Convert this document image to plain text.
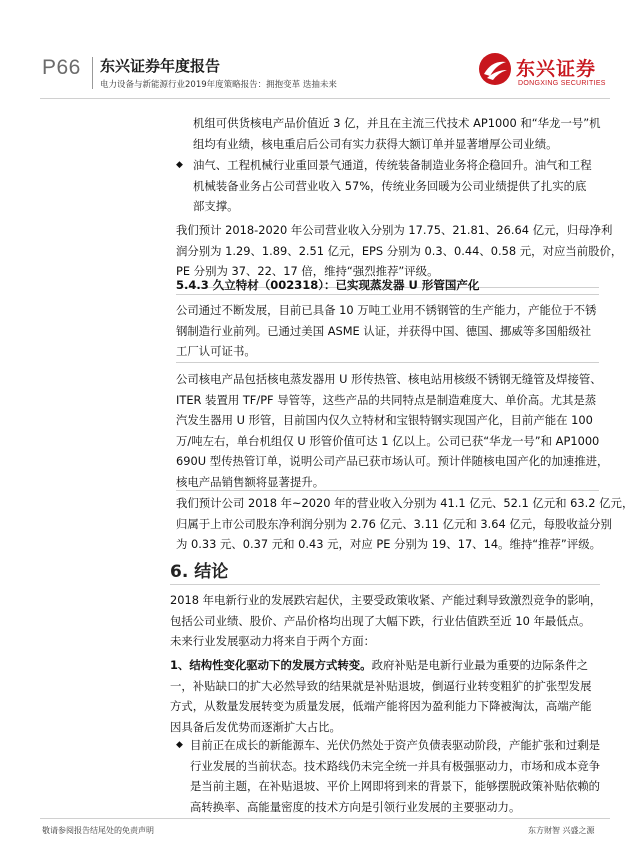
P66 东兴证券年度报告
电力设备与新能源行业2019年度策略报告：拥抱变革 迭抽未来
东兴证券
DONGXING SECURITIES
机组可供货核电产品价值近 3 亿，并且在主流三代技术 AP1000 和“华龙一号”机
组均有业绩，核电重启后公司有实力获得大额订单并显著增厚公司业绩。
◆ 油气、工程机械行业重回景气通道，传统装备制造业务将企稳回升。油气和工程
机械装备业务占公司营业收入 57%，传统业务回暖为公司业绩提供了扎实的底
部支撑。
我们预计 2018-2020 年公司营业收入分别为 17.75、21.81、26.64 亿元，归母净利
润分别为 1.29、1.89、2.51 亿元，EPS 分别为 0.3、0.44、0.58 元，对应当前股价，
PE 分别为 37、22、17 倍，维持“强烈推荐”评级。
5.4.3 久立特材（002318）：已实现蒸发器 U 形管国产化
公司通过不断发展，目前已具备 10 万吨工业用不锈钢管的生产能力，产能位于不锈
钢制造行业前列。已通过美国 ASME 认证，并获得中国、德国、挪威等多国船级社
工厂认可证书。
公司核电产品包括核电蒸发器用 U 形传热管、核电站用核级不锈钢无缝管及焊接管、
ITER 装置用 TF/PF 导管等，这些产品的共同特点是制造难度大、单价高。尤其是蒸
汽发生器用 U 形管，目前国内仅久立特材和宝银特钢实现国产化，目前产能在 100
万/吨左右，单台机组仅 U 形管价值可达 1 亿以上。公司已获“华龙一号”和 AP1000
690U 型传热管订单，说明公司产品已获市场认可。预计伴随核电国产化的加速推进，
核电产品销售额将显著提升。
我们预计公司 2018 年~2020 年的营业收入分别为 41.1 亿元、52.1 亿元和 63.2 亿元，
归属于上市公司股东净利润分别为 2.76 亿元、3.11 亿元和 3.64 亿元，每股收益分别
为 0.33 元、0.37 元和 0.43 元，对应 PE 分别为 19、17、14。维持“推荐”评级。
6. 结论
2018 年电新行业的发展跌宕起伏，主要受政策收紧、产能过剩导致激烈竞争的影响，
包括公司业绩、股价、产品价格均出现了大幅下跌，行业估值跌至近 10 年最低点。
未来行业发展驱动力将来自于两个方面：
1、结构性变化驱动下的发展方式转变。政府补贴是电新行业最为重要的边际条件之
一，补贴缺口的扩大必然导致的结果就是补贴退坡，倒逼行业转变粗犷的扩张型发展
方式，从数量发展转变为质量发展，低端产能将因为盈利能力下降被淘汰，高端产能
因具备后发优势而逐渐扩大占比。
◆ 目前正在成长的新能源车、光伏仍然处于资产负债表驱动阶段，产能扩张和过剩是
行业发展的当前状态。技术路线仍未完全统一并具有极强驱动力，市场和成本竞争
是当前主题，在补贴退坡、平价上网即将到来的背景下，能够摆脱政策补贴依赖的
高转换率、高能量密度的技术方向是引领行业发展的主要驱动力。
敬请参阅报告结尾处的免责声明	东方财智 兴盛之源
